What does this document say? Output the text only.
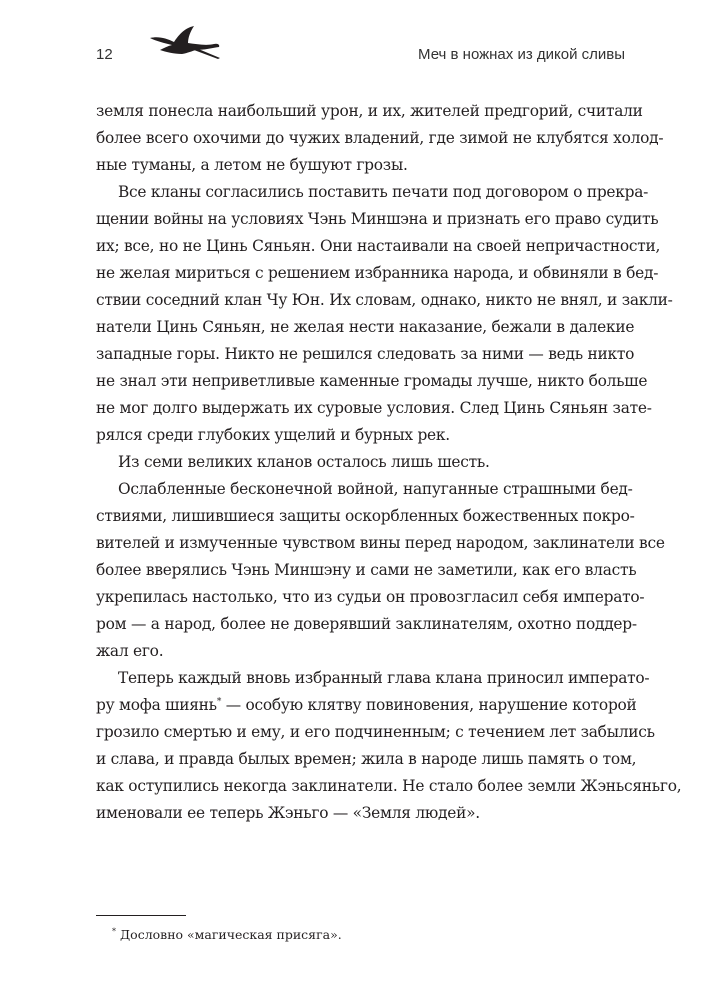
12	Меч в ножнах из дикой сливы

земля понесла наибольший урон, и их, жителей предгорий, считали
более всего охочими до чужих владений, где зимой не клубятся холод-
ные туманы, а летом не бушуют грозы.

Все кланы согласились поставить печати под договором о прекра-
щении войны на условиях Чэнь Миншэна и признать его право судить
их; все, но не Цинь Сяньян. Они настаивали на своей непричастности,
не желая мириться с решением избранника народа, и обвиняли в бед-
ствии соседний клан Чу Юн. Их словам, однако, никто не внял, и закли-
натели Цинь Сяньян, не желая нести наказание, бежали в далекие
западные горы. Никто не решился следовать за ними — ведь никто
не знал эти неприветливые каменные громады лучше, никто больше
не мог долго выдержать их суровые условия. След Цинь Сяньян зате-
рялся среди глубоких ущелий и бурных рек.

Из семи великих кланов осталось лишь шесть.

Ослабленные бесконечной войной, напуганные страшными бед-
ствиями, лишившиеся защиты оскорбленных божественных покро-
вителей и измученные чувством вины перед народом, заклинатели все
более вверялись Чэнь Миншэну и сами не заметили, как его власть
укрепилась настолько, что из судьи он провозгласил себя императо-
ром — а народ, более не доверявший заклинателям, охотно поддер-
жал его.

Теперь каждый вновь избранный глава клана приносил императо-
ру мофа шиянь* — особую клятву повиновения, нарушение которой
грозило смертью и ему, и его подчиненным; с течением лет забылись
и слава, и правда былых времен; жила в народе лишь память о том,
как оступились некогда заклинатели. Не стало более земли Жэньсяньго,
именовали ее теперь Жэньго — «Земля людей».

* Дословно «магическая присяга».
